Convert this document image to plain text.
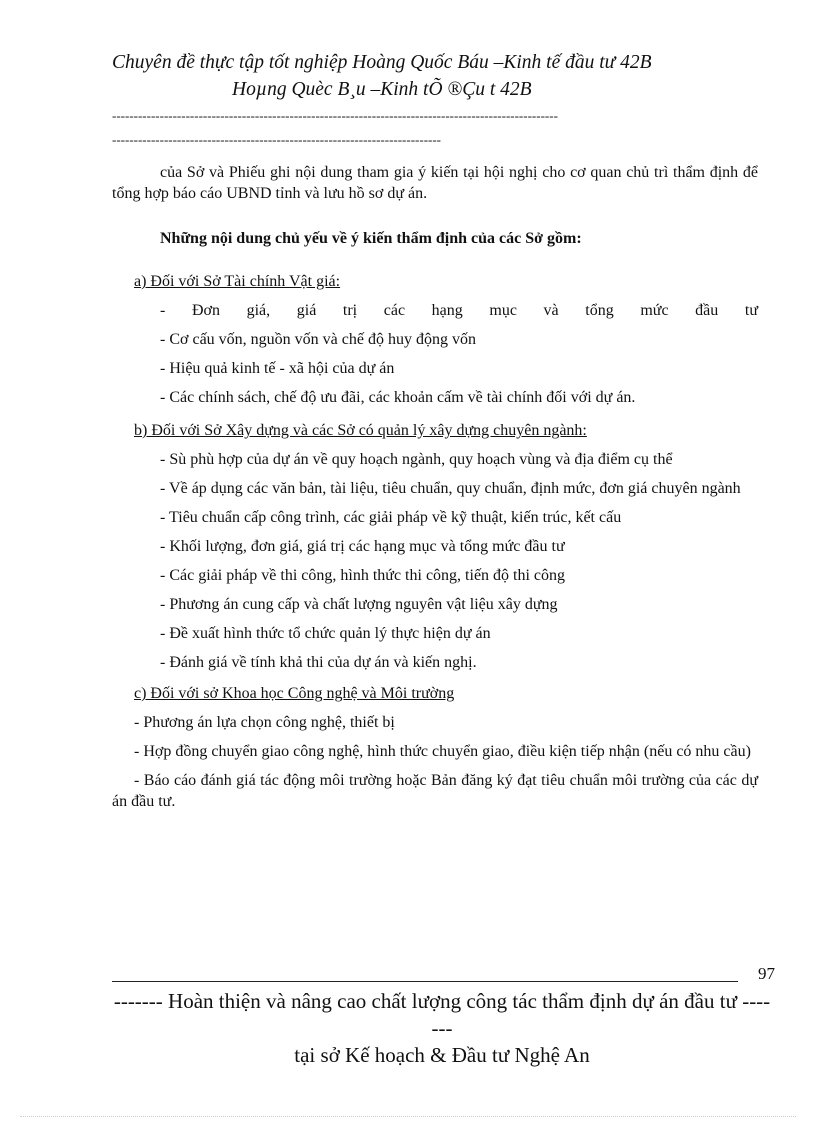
Chuyên đề thực tập tốt nghiệp Hoàng Quốc Báu –Kinh tế đầu tư 42B
Hoµng Quèc B¸u –Kinh tÕ ®Çu t 42B
-------------------------------------------------------------------------------------------------------
----------------------------------------------------------------------------

của Sở và Phiếu ghi nội dung tham gia ý kiến tại hội nghị cho cơ quan chủ trì thẩm định để tổng hợp báo cáo UBND tỉnh và lưu hồ sơ dự án.

Những nội dung chủ yếu về ý kiến thẩm định của các Sở gồm:

a) Đối với Sở Tài chính Vật giá:
- Đơn giá, giá trị các hạng mục và tổng mức đầu tư
- Cơ cấu vốn, nguồn vốn và chế độ huy động vốn
- Hiệu quả kinh tế - xã hội của dự án
- Các chính sách, chế độ ưu đãi, các khoản cấm về tài chính đối với dự án.
b) Đối với Sở Xây dựng và các Sở có quản lý xây dựng chuyên ngành:
- Sù phù hợp của dự án về quy hoạch ngành, quy hoạch vùng và địa điểm cụ thể
- Về áp dụng các văn bản, tài liệu, tiêu chuẩn, quy chuẩn, định mức, đơn giá chuyên ngành
- Tiêu chuẩn cấp công trình, các giải pháp về kỹ thuật, kiến trúc, kết cấu
- Khối lượng, đơn giá, giá trị các hạng mục và tổng mức đầu tư
- Các giải pháp về thi công, hình thức thi công, tiến độ thi công
- Phương án cung cấp và chất lượng nguyên vật liệu xây dựng
- Đề xuất hình thức tổ chức quản lý thực hiện dự án
- Đánh giá về tính khả thi của dự án và kiến nghị.
c) Đối với sở Khoa học Công nghệ và Môi trường
- Phương án lựa chọn công nghệ, thiết bị
- Hợp đồng chuyển giao công nghệ, hình thức chuyển giao, điều kiện tiếp nhận (nếu có nhu cầu)
- Báo cáo đánh giá tác động môi trường hoặc Bản đăng ký đạt tiêu chuẩn môi trường của các dự án đầu tư.
97
------- Hoàn thiện và nâng cao chất lượng công tác thẩm định dự án đầu tư -------
tại sở Kế hoạch & Đầu tư Nghệ An
